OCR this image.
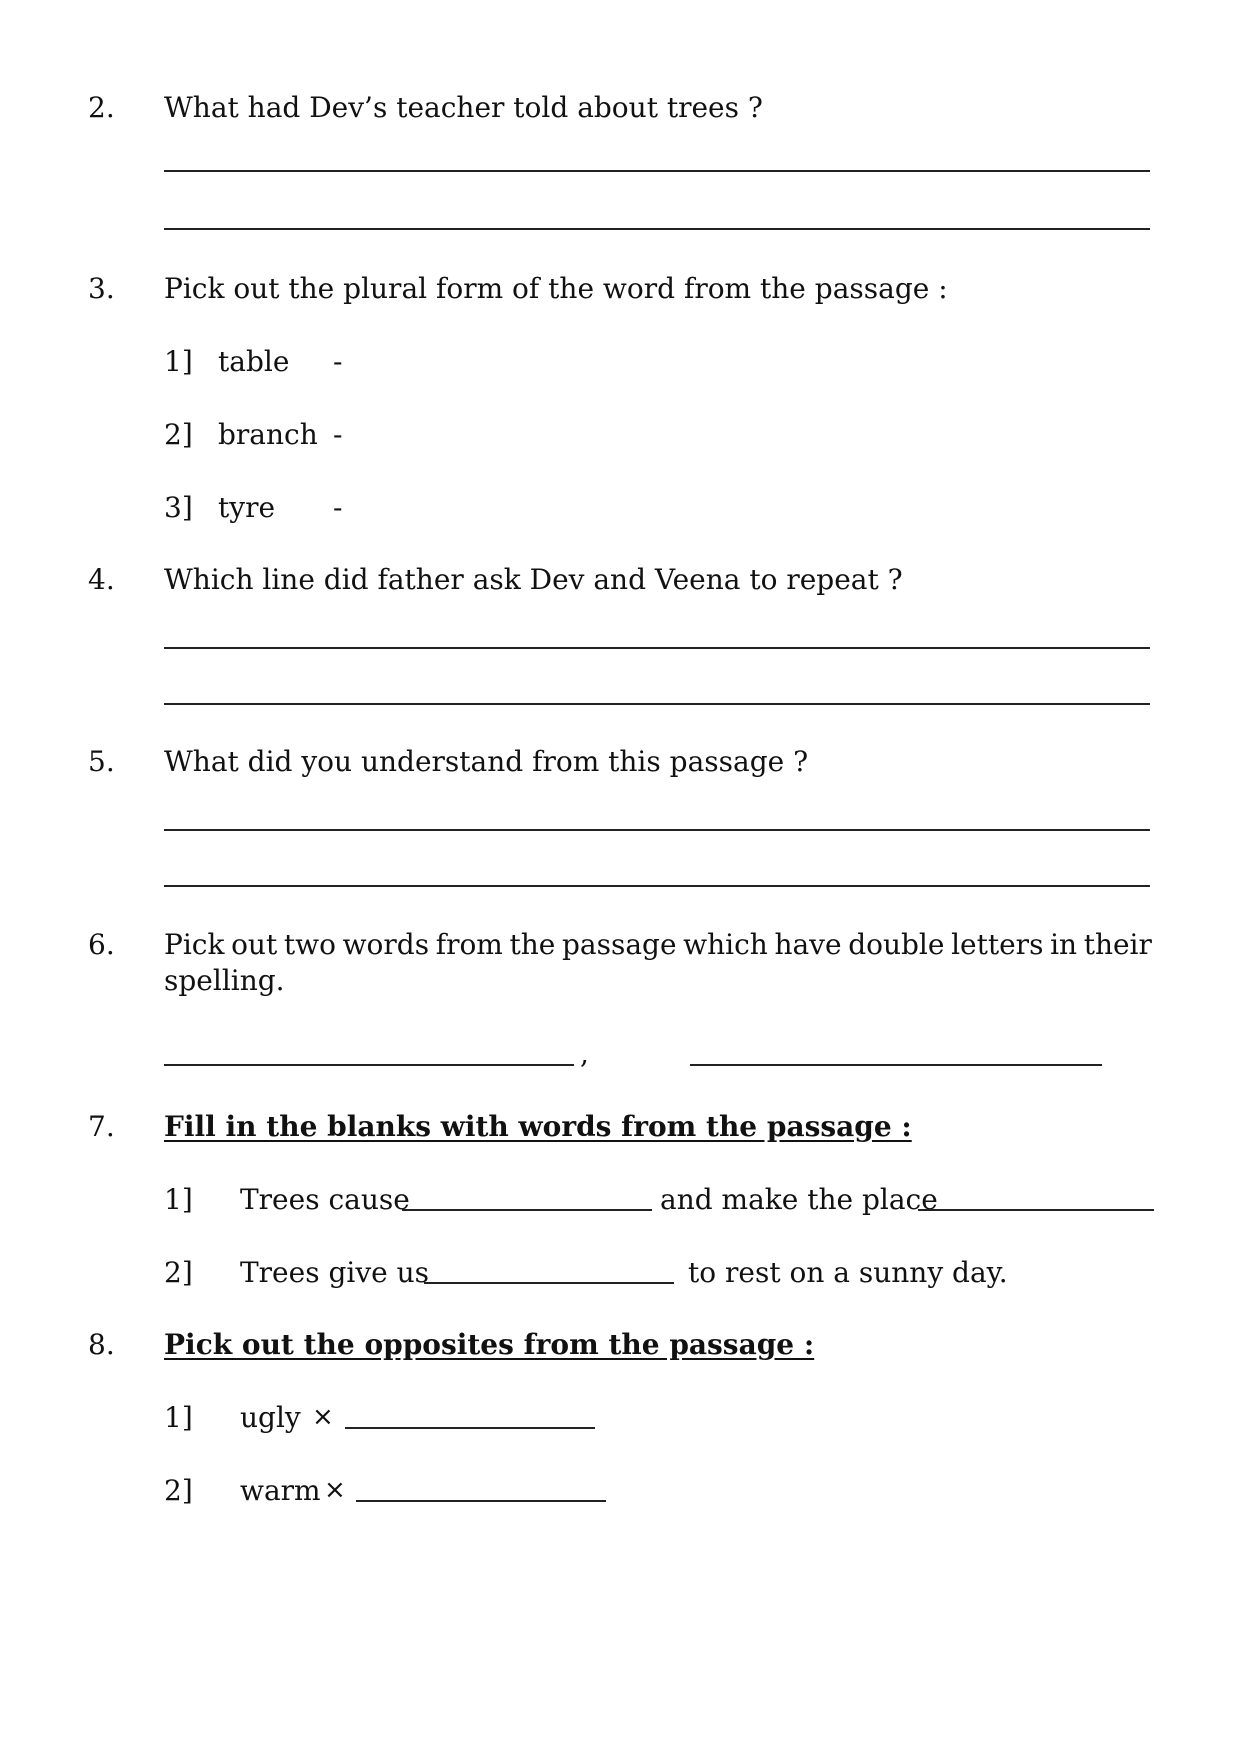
2. What had Dev’s teacher told about trees ?
3. Pick out the plural form of the word from the passage :
1] table -
2] branch -
3] tyre -
4. Which line did father ask Dev and Veena to repeat ?
5. What did you understand from this passage ?
6. Pick out two words from the passage which have double letters in their
spelling.
,
7. Fill in the blanks with words from the passage :
1] Trees cause	and make the place
2] Trees give us	to rest on a sunny day.
8. Pick out the opposites from the passage :
1] ugly ×
2] warm ×
